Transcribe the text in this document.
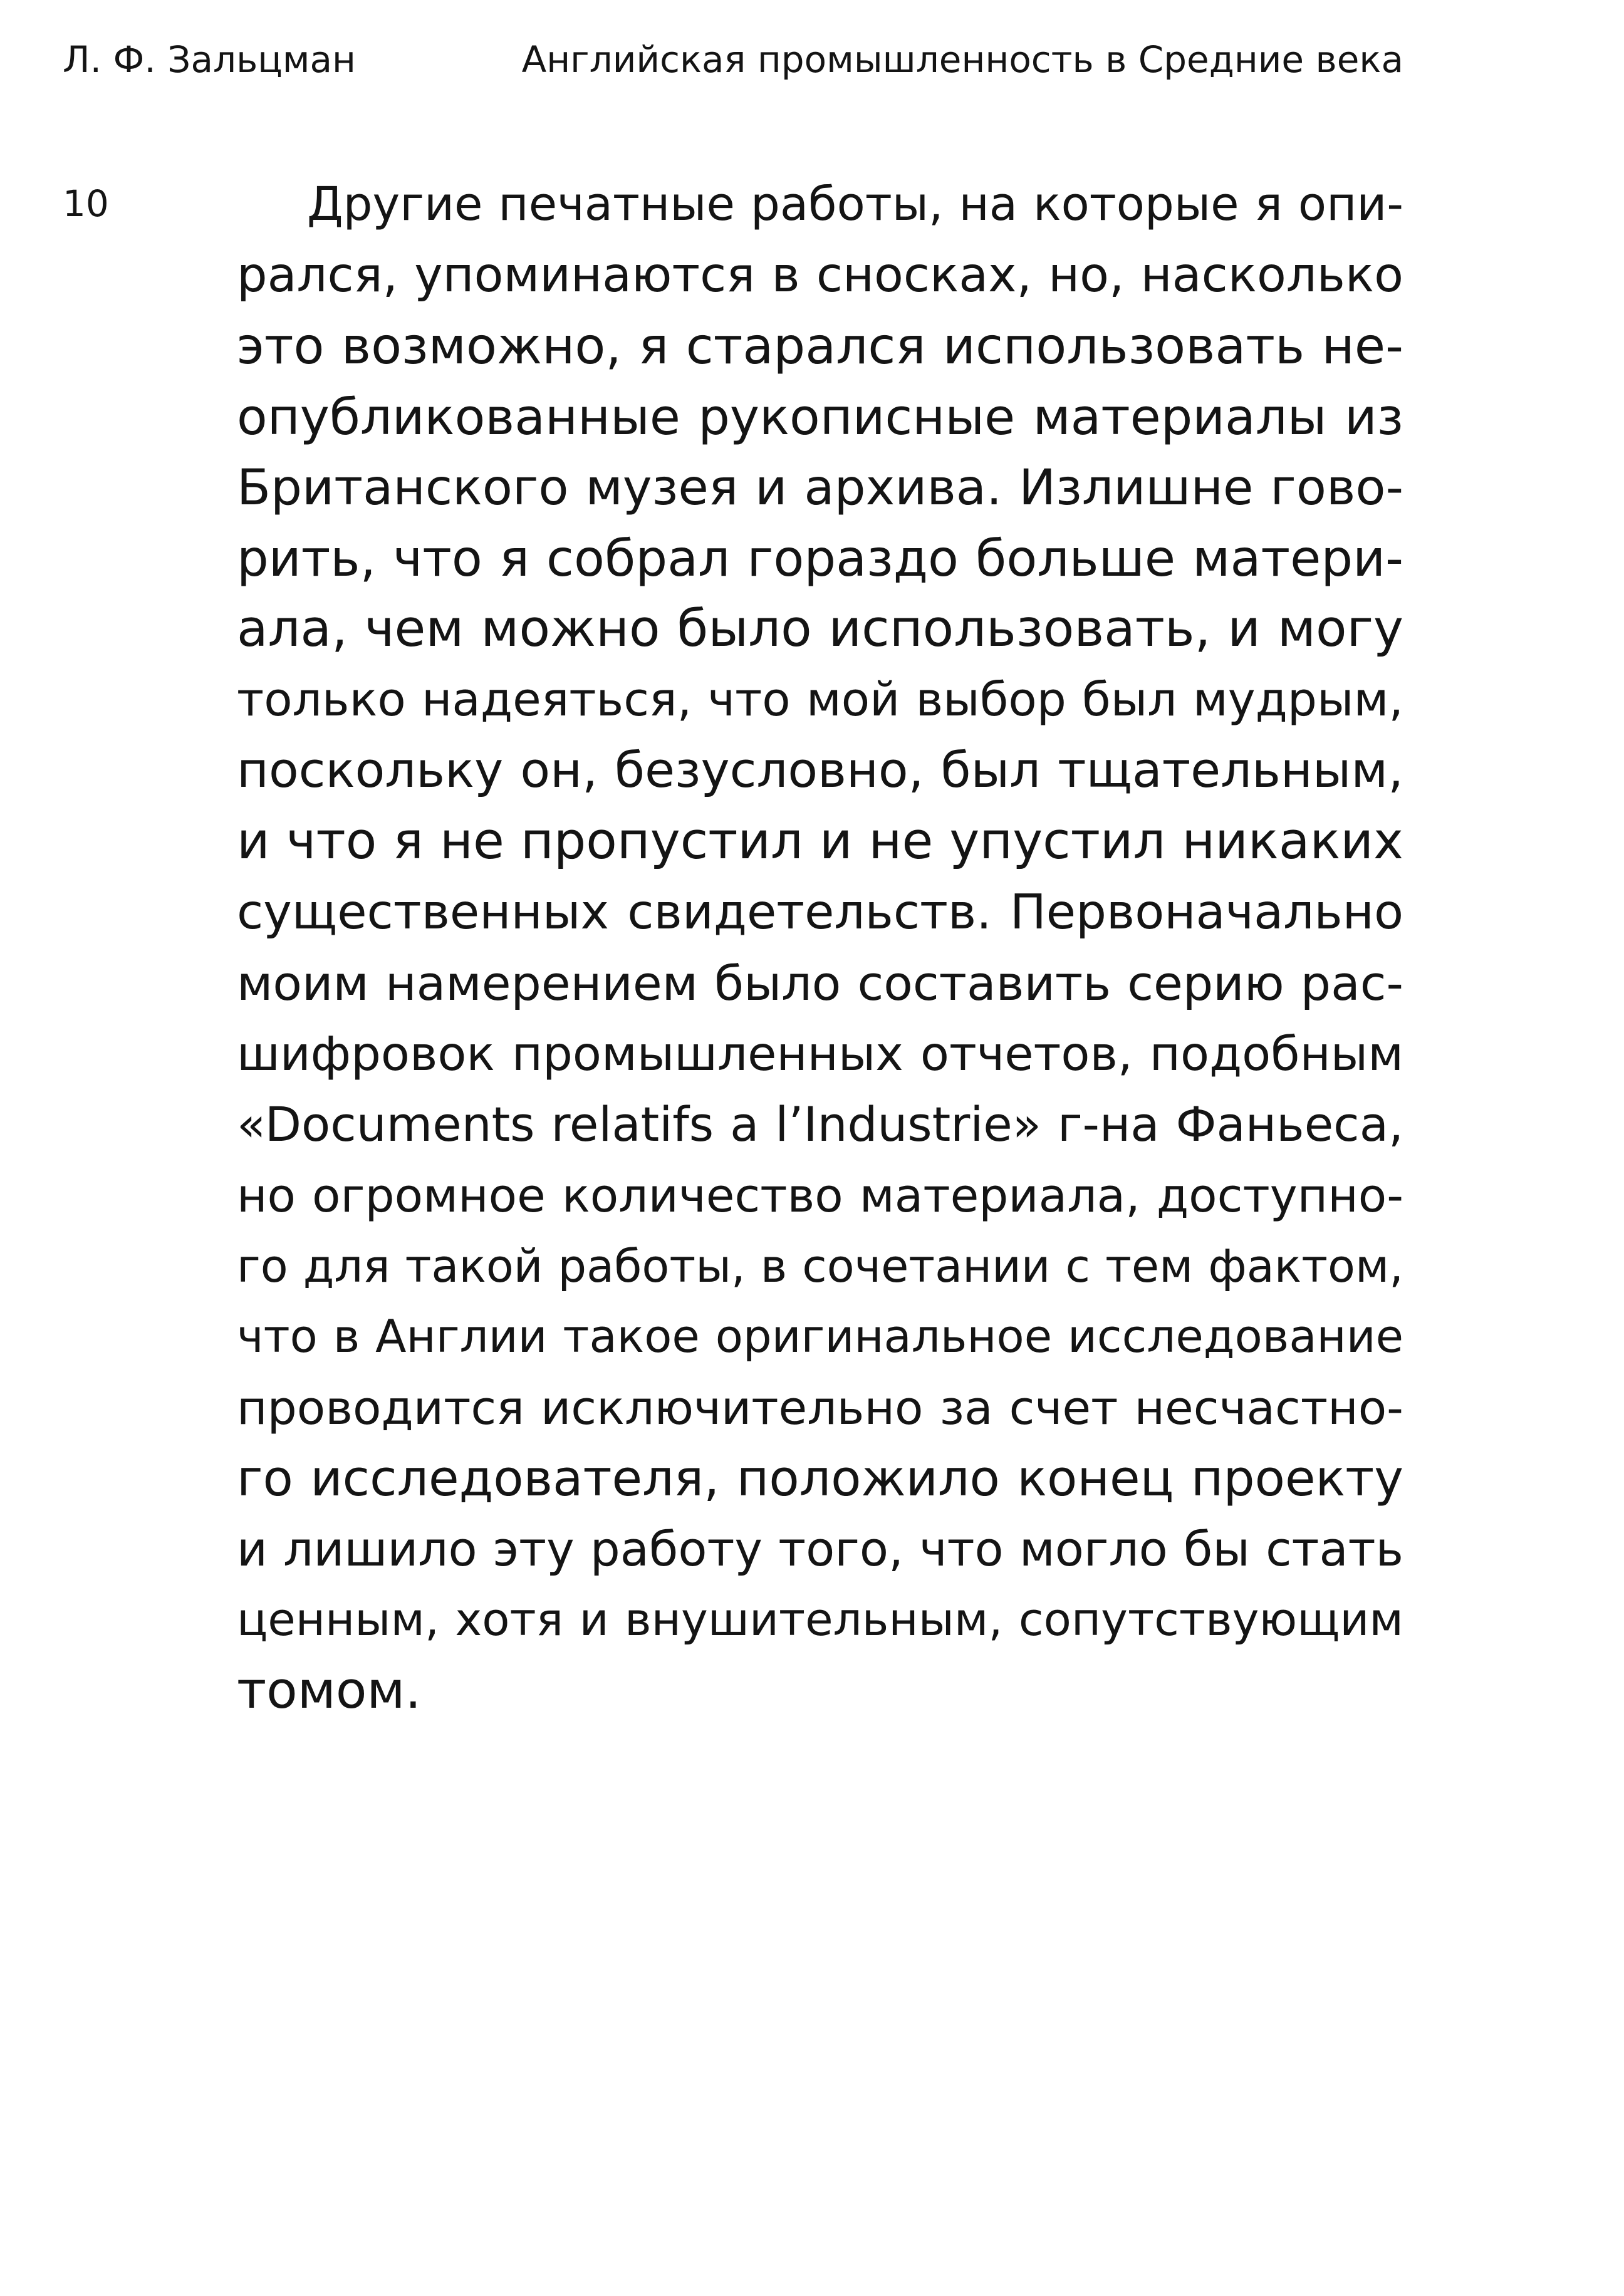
Л. Ф. Зальцман	Английская промышленность в Средние века
10	Другие печатные работы, на которые я опи-
рался, упоминаются в сносках, но, насколько
это возможно, я старался использовать не-
опубликованные рукописные материалы из
Британского музея и архива. Излишне гово-
рить, что я собрал гораздо больше матери-
ала, чем можно было использовать, и могу
только надеяться, что мой выбор был мудрым,
поскольку он, безусловно, был тщательным,
и что я не пропустил и не упустил никаких
существенных свидетельств. Первоначально
моим намерением было составить серию рас-
шифровок промышленных отчетов, подобным
«Documents relatifs a l’Industrie» г-на Фаньеса,
но огромное количество материала, доступно-
го для такой работы, в сочетании с тем фактом,
что в Англии такое оригинальное исследование
проводится исключительно за счет несчастно-
го исследователя, положило конец проекту
и лишило эту работу того, что могло бы стать
ценным, хотя и внушительным, сопутствующим
томом.
